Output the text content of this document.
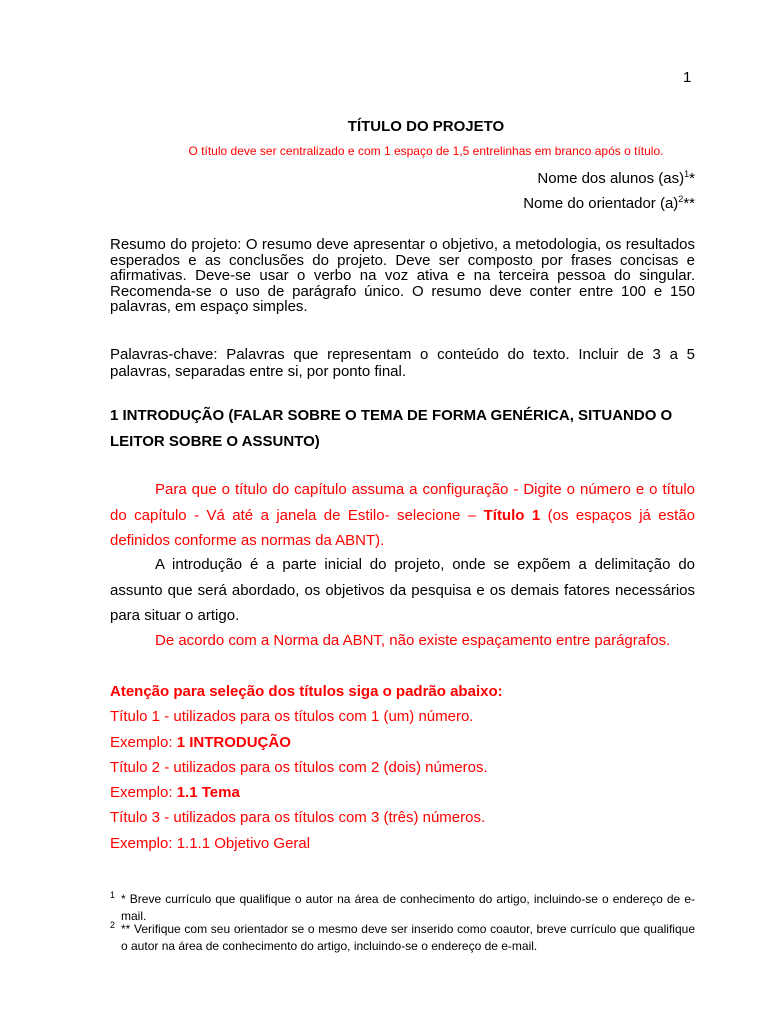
1
TÍTULO DO PROJETO
O título deve ser centralizado e com 1 espaço de 1,5 entrelinhas em branco após o título.
Nome dos alunos (as)$^1$*
Nome do orientador $(a)^2**$
Resumo do projeto: O resumo deve apresentar o objetivo, a metodologia, os resultados esperados e as conclusões do projeto. Deve ser composto por frases concisas e afirmativas. Deve-se usar o verbo na voz ativa e na terceira pessoa do singular. Recomenda-se o uso de parágrafo único. O resumo deve conter entre 100 e 150 palavras, em espaço simples.
Palavras-chave: Palavras que representam o conteúdo do texto. Incluir de 3 a 5 palavras, separadas entre si, por ponto final.
1 INTRODUÇÃO (FALAR SOBRE O TEMA DE FORMA GENÉRICA, SITUANDO O LEITOR SOBRE O ASSUNTO)
Para que o título do capítulo assuma a configuração - Digite o número e o título do capítulo - Vá até a janela de Estilo- selecione – Título 1 (os espaços já estão definidos conforme as normas da ABNT).
A introdução é a parte inicial do projeto, onde se expõem a delimitação do assunto que será abordado, os objetivos da pesquisa e os demais fatores necessários para situar o artigo.
De acordo com a Norma da ABNT, não existe espaçamento entre parágrafos.
Atenção para seleção dos títulos siga o padrão abaixo:
Título 1 - utilizados para os títulos com 1 (um) número.
Exemplo: 1 INTRODUÇÃO
Título 2 - utilizados para os títulos com 2 (dois) números.
Exemplo: 1.1 Tema
Título 3 - utilizados para os títulos com 3 (três) números.
Exemplo: 1.1.1 Objetivo Geral
1 * Breve currículo que qualifique o autor na área de conhecimento do artigo, incluindo-se o endereço de e-mail.
2 ** Verifique com seu orientador se o mesmo deve ser inserido como coautor, breve currículo que qualifique o autor na área de conhecimento do artigo, incluindo-se o endereço de e-mail.
